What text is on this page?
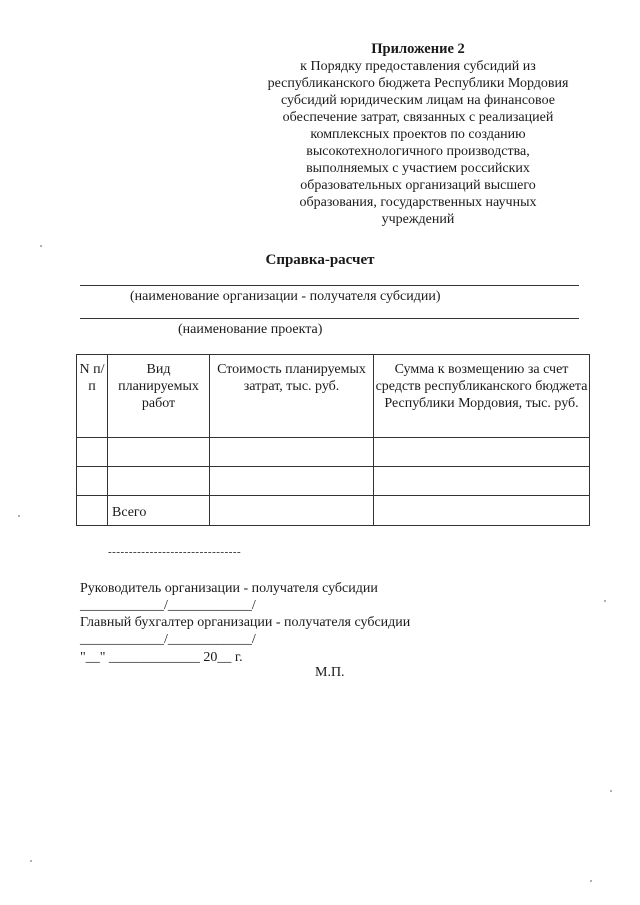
Приложение 2
к Порядку предоставления субсидий из
республиканского бюджета Республики Мордовия
субсидий юридическим лицам на финансовое
обеспечение затрат, связанных с реализацией
комплексных проектов по созданию
высокотехнологичного производства,
выполняемых с участием российских
образовательных организаций высшего
образования, государственных научных
учреждений
Справка-расчет
(наименование организации - получателя субсидии)
(наименование проекта)
N п/п	Вид планируемых работ	Стоимость планируемых затрат, тыс. руб.	Сумма к возмещению за счет средств республиканского бюджета Республики Мордовия, тыс. руб.

	Всего		
--------------------------------
Руководитель организации - получателя субсидии
____________/____________/
Главный бухгалтер организации - получателя субсидии
____________/____________/
"__" _____________ 20__ г.
М.П.
